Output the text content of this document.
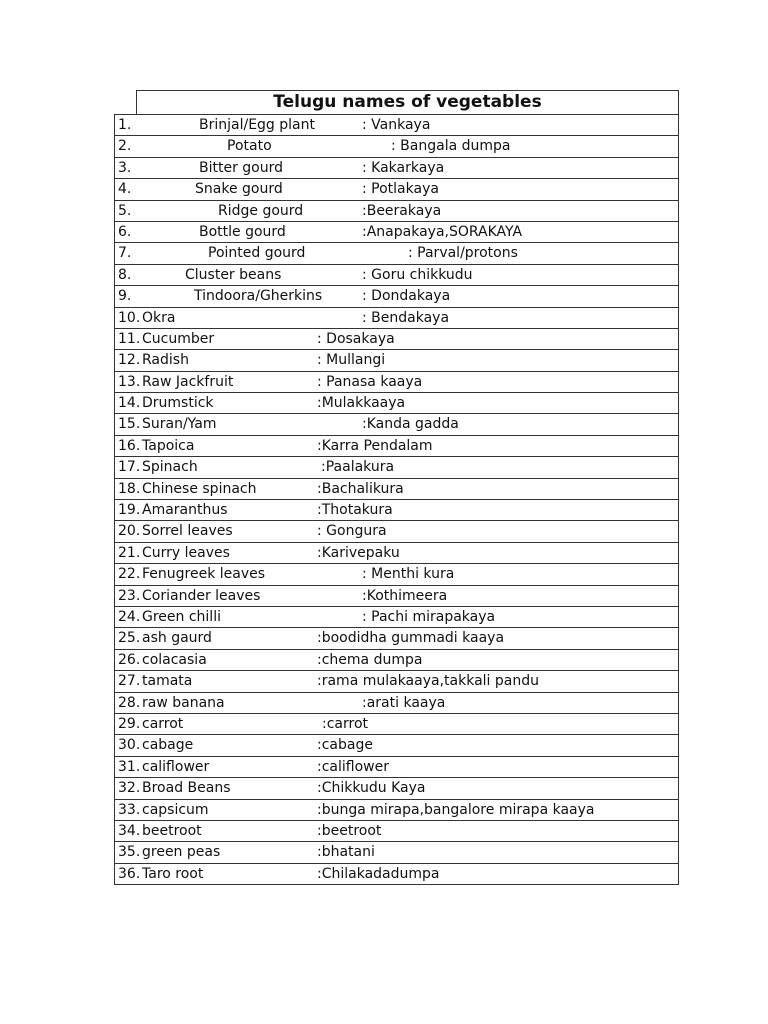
Telugu names of vegetables
1.	Brinjal/Egg plant	: Vankaya
2.	Potato	: Bangala dumpa
3.	Bitter gourd	: Kakarkaya
4.	Snake gourd	: Potlakaya
5.	Ridge gourd	:Beerakaya
6.	Bottle gourd	:Anapakaya,SORAKAYA
7.	Pointed gourd	: Parval/protons
8.	Cluster beans	: Goru chikkudu
9.	Tindoora/Gherkins	: Dondakaya
10. Okra	: Bendakaya
11. Cucumber	: Dosakaya
12. Radish	: Mullangi
13. Raw Jackfruit	: Panasa kaaya
14. Drumstick	:Mulakkaaya
15. Suran/Yam	:Kanda gadda
16. Tapoica	:Karra Pendalam
17. Spinach	:Paalakura
18. Chinese spinach	:Bachalikura
19. Amaranthus	:Thotakura
20. Sorrel leaves	: Gongura
21. Curry leaves	:Karivepaku
22. Fenugreek leaves	: Menthi kura
23. Coriander leaves	:Kothimeera
24. Green chilli	: Pachi mirapakaya
25. ash gaurd	:boodidha gummadi kaaya
26. colacasia	:chema dumpa
27. tamata	:rama mulakaaya,takkali pandu
28. raw banana	:arati kaaya
29. carrot	:carrot
30. cabage	:cabage
31. califlower	:califlower
32. Broad Beans	:Chikkudu Kaya
33. capsicum	:bunga mirapa,bangalore mirapa kaaya
34. beetroot	:beetroot
35. green peas	:bhatani
36. Taro root	:Chilakadadumpa
